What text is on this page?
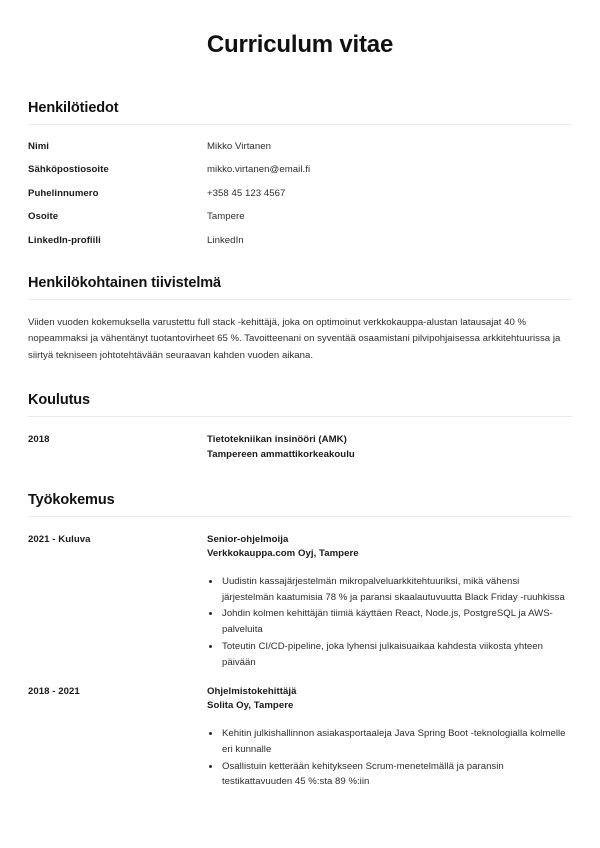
Curriculum vitae
Henkilötiedot
Nimi	Mikko Virtanen
Sähköpostiosoite	mikko.virtanen@email.fi
Puhelinnumero	+358 45 123 4567
Osoite	Tampere
LinkedIn-profiili	LinkedIn
Henkilökohtainen tiivistelmä

Viiden vuoden kokemuksella varustettu full stack -kehittäjä, joka on optimoinut verkkokauppa-alustan latausajat 40 % nopeammaksi ja vähentänyt tuotantovirheet 65 %. Tavoitteenani on syventää osaamistani pilvipohjaisessa arkkitehtuurissa ja siirtyä tekniseen johtotehtävään seuraavan kahden vuoden aikana.

Koulutus
2018	Tietotekniikan insinööri (AMK)
Tampereen ammattikorkeakoulu
Työkokemus
2021 - Kuluva	Senior-ohjelmoija
Verkkokauppa.com Oyj, Tampere
Uudistin kassajärjestelmän mikropalveluarkkitehtuuriksi, mikä vähensi järjestelmän kaatumisia 78 % ja paransi skaalautuvuutta Black Friday -ruuhkissa
Johdin kolmen kehittäjän tiimiä käyttäen React, Node.js, PostgreSQL ja AWS-palveluita
Toteutin CI/CD-pipeline, joka lyhensi julkaisuaikaa kahdesta viikosta yhteen päivään
2018 - 2021	Ohjelmistokehittäjä
Solita Oy, Tampere
Kehitin julkishallinnon asiakasportaaleja Java Spring Boot -teknologialla kolmelle eri kunnalle
Osallistuin ketterään kehitykseen Scrum-menetelmällä ja paransin testikattavuuden 45 %:sta 89 %:iin
